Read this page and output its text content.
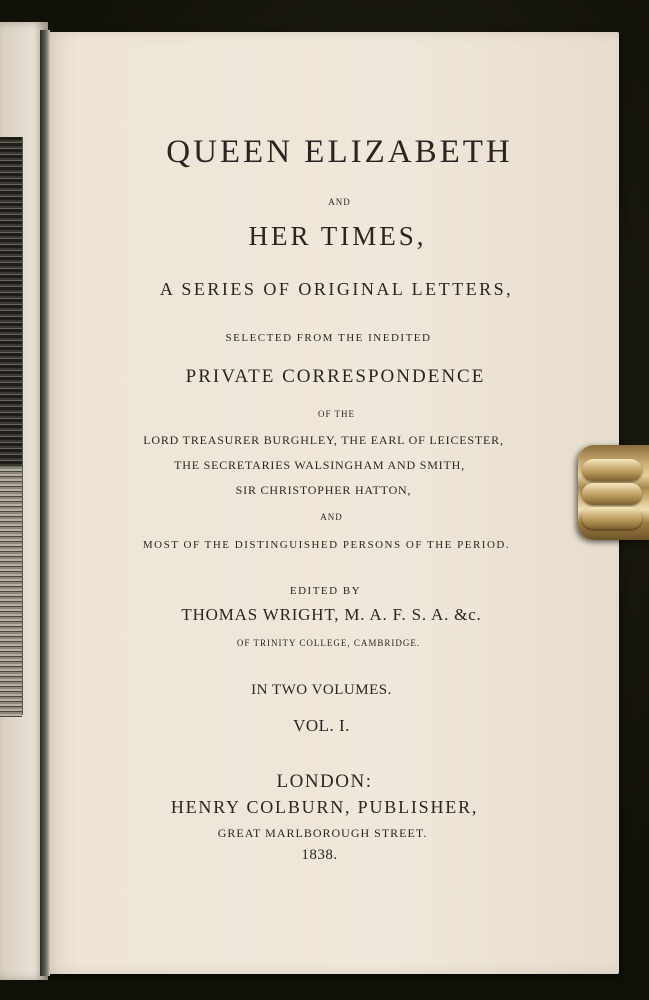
QUEEN ELIZABETH

AND

HER TIMES,

A SERIES OF ORIGINAL LETTERS,

SELECTED FROM THE INEDITED

PRIVATE CORRESPONDENCE

OF THE

LORD TREASURER BURGHLEY, THE EARL OF LEICESTER,

THE SECRETARIES WALSINGHAM AND SMITH,

SIR CHRISTOPHER HATTON,

AND

MOST OF THE DISTINGUISHED PERSONS OF THE PERIOD.

EDITED BY

THOMAS WRIGHT, M. A. F. S. A. &c.

OF TRINITY COLLEGE, CAMBRIDGE.

IN TWO VOLUMES.

VOL. I.

LONDON:

HENRY COLBURN, PUBLISHER,

GREAT MARLBOROUGH STREET.

1838.
